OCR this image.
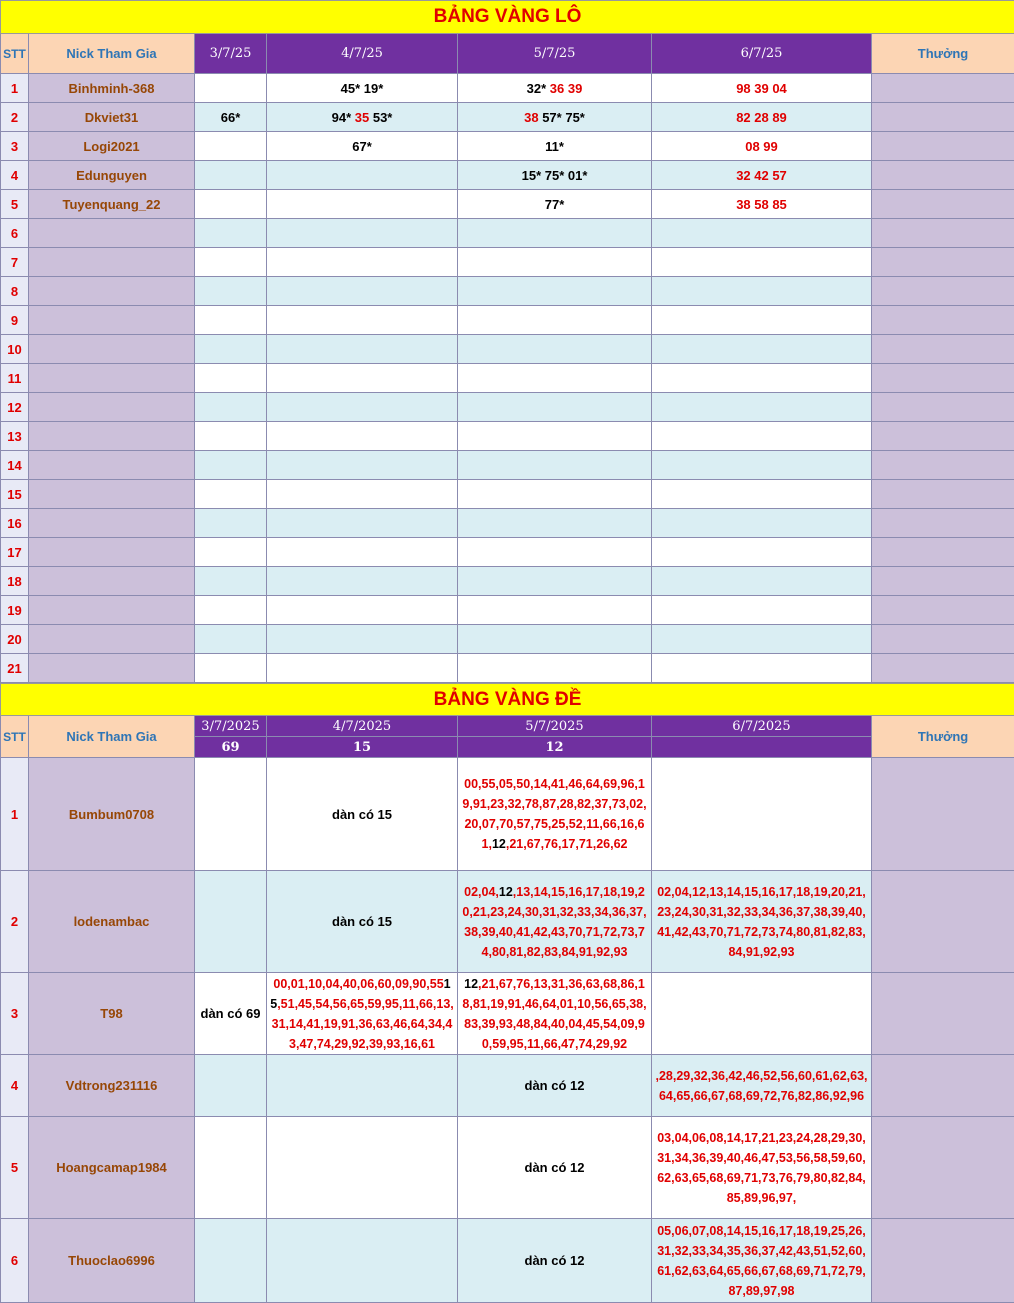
BẢNG VÀNG LÔ						
STT	Nick Tham Gia	3/7/25	4/7/25	5/7/25	6/7/25	Thưởng
1	Binhminh-368		45* 19*	32* 36 39	98 39 04	
2	Dkviet31	66*	94* 35 53*	38 57* 75*	82 28 89	
3	Logi2021		67*	11*	08 99	
4	Edunguyen			15* 75* 01*	32 42 57	
5	Tuyenquang_22			77*	38 58 85	
6						
7						
8						
9						
10						
11						
12						
13						
14						
15						
16						
17						
18						
19						
20						
21						
BẢNG VÀNG ĐỀ						
STT	Nick Tham Gia	3/7/2025	4/7/2025	5/7/2025	6/7/2025	Thưởng
		69	15	12		
1	Bumbum0708		dàn có 15	00,55,05,50,14,41,46,64,69,96,19,91,23,32,78,87,28,82,37,73,02,20,07,70,57,75,25,52,11,66,16,61,12,21,67,76,17,71,26,62		
2	lodenambac		dàn có 15	02,04,12,13,14,15,16,17,18,19,20,21,23,24,30,31,32,33,34,36,37,38,39,40,41,42,43,70,71,72,73,74,80,81,82,83,84,91,92,93	02,04,12,13,14,15,16,17,18,19,20,21,23,24,30,31,32,33,34,36,37,38,39,40,41,42,43,70,71,72,73,74,80,81,82,83,84,91,92,93	
3	T98	dàn có 69	00,01,10,04,40,06,60,09,90,5515,51,45,54,56,65,59,95,11,66,13,31,14,41,19,91,36,63,46,64,34,43,47,74,29,92,39,93,16,61	12,21,67,76,13,31,36,63,68,86,18,81,19,91,46,64,01,10,56,65,38,83,39,93,48,84,40,04,45,54,09,90,59,95,11,66,47,74,29,92		
4	Vdtrong231116			dàn có 12	,28,29,32,36,42,46,52,56,60,61,62,63,64,65,66,67,68,69,72,76,82,86,92,96	
5	Hoangcamap1984			dàn có 12	03,04,06,08,14,17,21,23,24,28,29,30,31,34,36,39,40,46,47,53,56,58,59,60,62,63,65,68,69,71,73,76,79,80,82,84,85,89,96,97,	
6	Thuoclao6996			dàn có 12	05,06,07,08,14,15,16,17,18,19,25,26,31,32,33,34,35,36,37,42,43,51,52,60,61,62,63,64,65,66,67,68,69,71,72,79,87,89,97,98	
